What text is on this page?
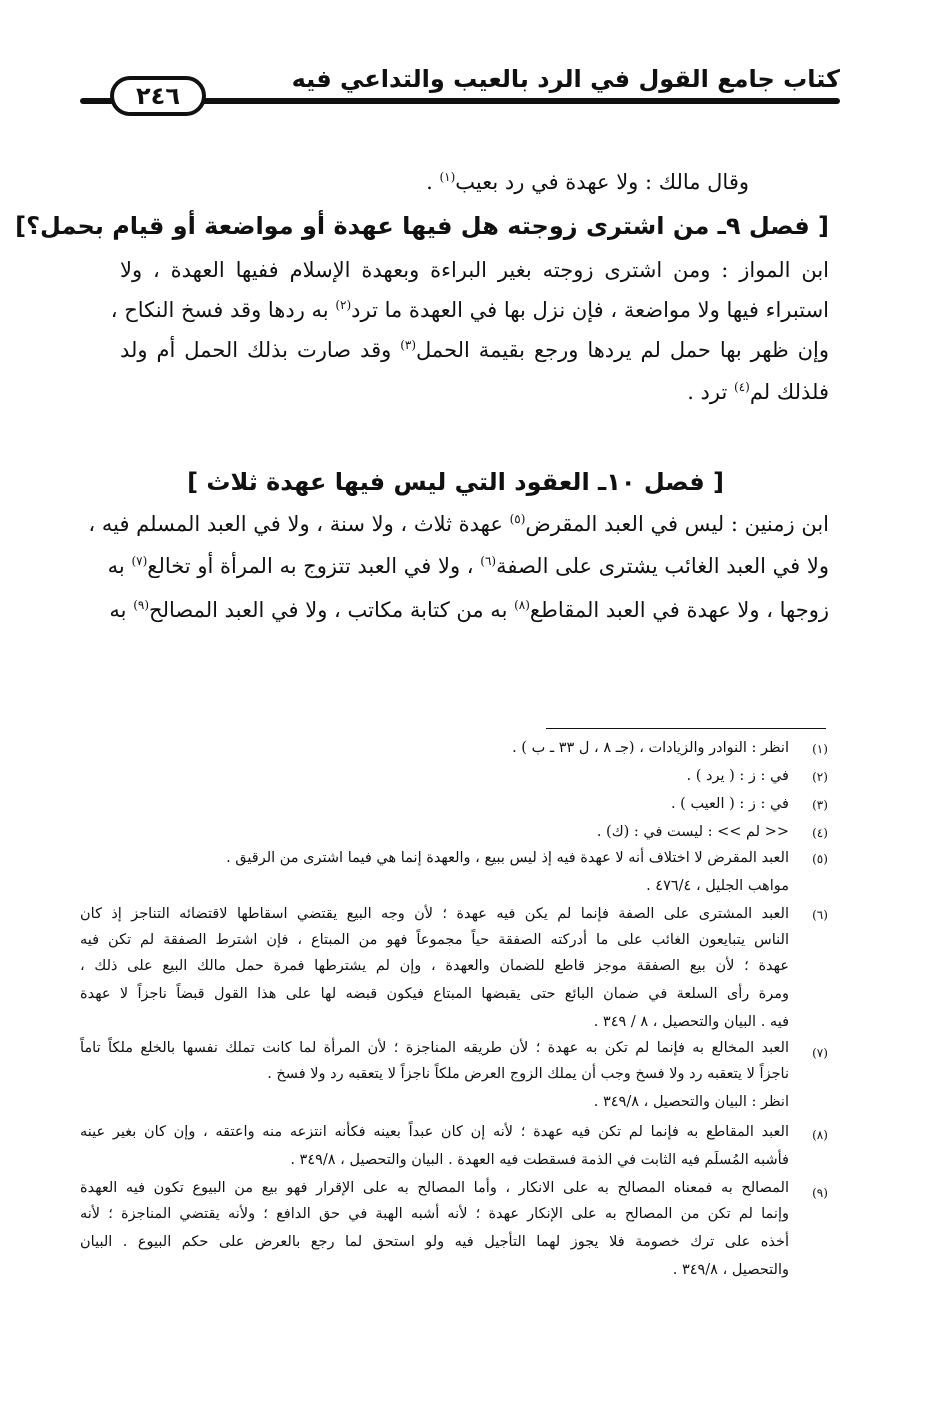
كتاب جامع القول في الرد بالعيب والتداعي فيه
٢٤٦
وقال مالك : ولا عهدة في رد بعيب$^{(١)}$ .
[ فصل ٩ـ من اشترى زوجته هل فيها عهدة أو مواضعة أو قيام بحمل؟]
ابن المواز : ومن اشترى زوجته بغير البراءة وبعهدة الإسلام ففيها العهدة ، ولا
استبراء فيها ولا مواضعة ، فإن نزل بها في العهدة ما ترد$^{(٢)}$ به ردها وقد فسخ النكاح ،
وإن ظهر بها حمل لم يردها ورجع بقيمة الحمل$^{(٣)}$ وقد صارت بذلك الحمل أم ولد
فلذلك لم$^{(٤)}$ ترد .
[ فصل ١٠ـ العقود التي ليس فيها عهدة ثلاث ]
ابن زمنين : ليس في العبد المقرض$^{(٥)}$ عهدة ثلاث ، ولا سنة ، ولا في العبد المسلم فيه ،
ولا في العبد الغائب يشترى على الصفة$^{(٦)}$ ، ولا في العبد تتزوج به المرأة أو تخالع$^{(٧)}$ به
زوجها ، ولا عهدة في العبد المقاطع$^{(٨)}$ به من كتابة مكاتب ، ولا في العبد المصالح$^{(٩)}$ به
(١)
انظر : النوادر والزيادات ، (جـ ٨ ، ل ٣٣ ـ ب ) .
(٢)
في : ز : ( يرد ) .
(٣)
في : ز : ( العيب ) .
(٤)
<< لم >> : ليست في : (ك) .
(٥)
العبد المقرض لا اختلاف أنه لا عهدة فيه إذ ليس ببيع ، والعهدة إنما هي فيما اشترى من الرقيق .
مواهب الجليل ، ٤٧٦/٤ .
(٦)
العبد المشترى على الصفة فإنما لم يكن فيه عهدة ؛ لأن وجه البيع يقتضي اسقاطها لاقتضائه التناجز إذ كان
الناس يتبايعون الغائب على ما أدركته الصفقة حياً مجموعاً فهو من المبتاع ، فإن اشترط الصفقة لم تكن فيه
عهدة ؛ لأن بيع الصفقة موجز قاطع للضمان والعهدة ، وإن لم يشترطها فمرة حمل مالك البيع على ذلك ،
ومرة رأى السلعة في ضمان البائع حتى يقبضها المبتاع فيكون قبضه لها على هذا القول قبضاً ناجزاً لا عهدة
فيه . البيان والتحصيل ، ٨ / ٣٤٩ .
(٧)
العبد المخالع به فإنما لم تكن به عهدة ؛ لأن طريقه المناجزة ؛ لأن المرأة لما كانت تملك نفسها بالخلع ملكاً تاماً
ناجزاً لا يتعقبه رد ولا فسخ وجب أن يملك الزوج العرض ملكاً ناجزاً لا يتعقبه رد ولا فسخ .
انظر : البيان والتحصيل ، ٣٤٩/٨ .
(٨)
العبد المقاطع به فإنما لم تكن فيه عهدة ؛ لأنه إن كان عبداً بعينه فكأنه انتزعه منه واعتقه ، وإن كان بغير عينه
فأشبه المُسلَم فيه الثابت في الذمة فسقطت فيه العهدة . البيان والتحصيل ، ٣٤٩/٨ .
(٩)
المصالح به فمعناه المصالح به على الانكار ، وأما المصالح به على الإقرار فهو بيع من البيوع تكون فيه العهدة
وإنما لم تكن من المصالح به على الإنكار عهدة ؛ لأنه أشبه الهبة في حق الدافع ؛ ولأنه يقتضي المناجزة ؛ لأنه
أخذه على ترك خصومة فلا يجوز لهما التأجيل فيه ولو استحق لما رجع بالعرض على حكم البيوع . البيان
والتحصيل ، ٣٤٩/٨ .
